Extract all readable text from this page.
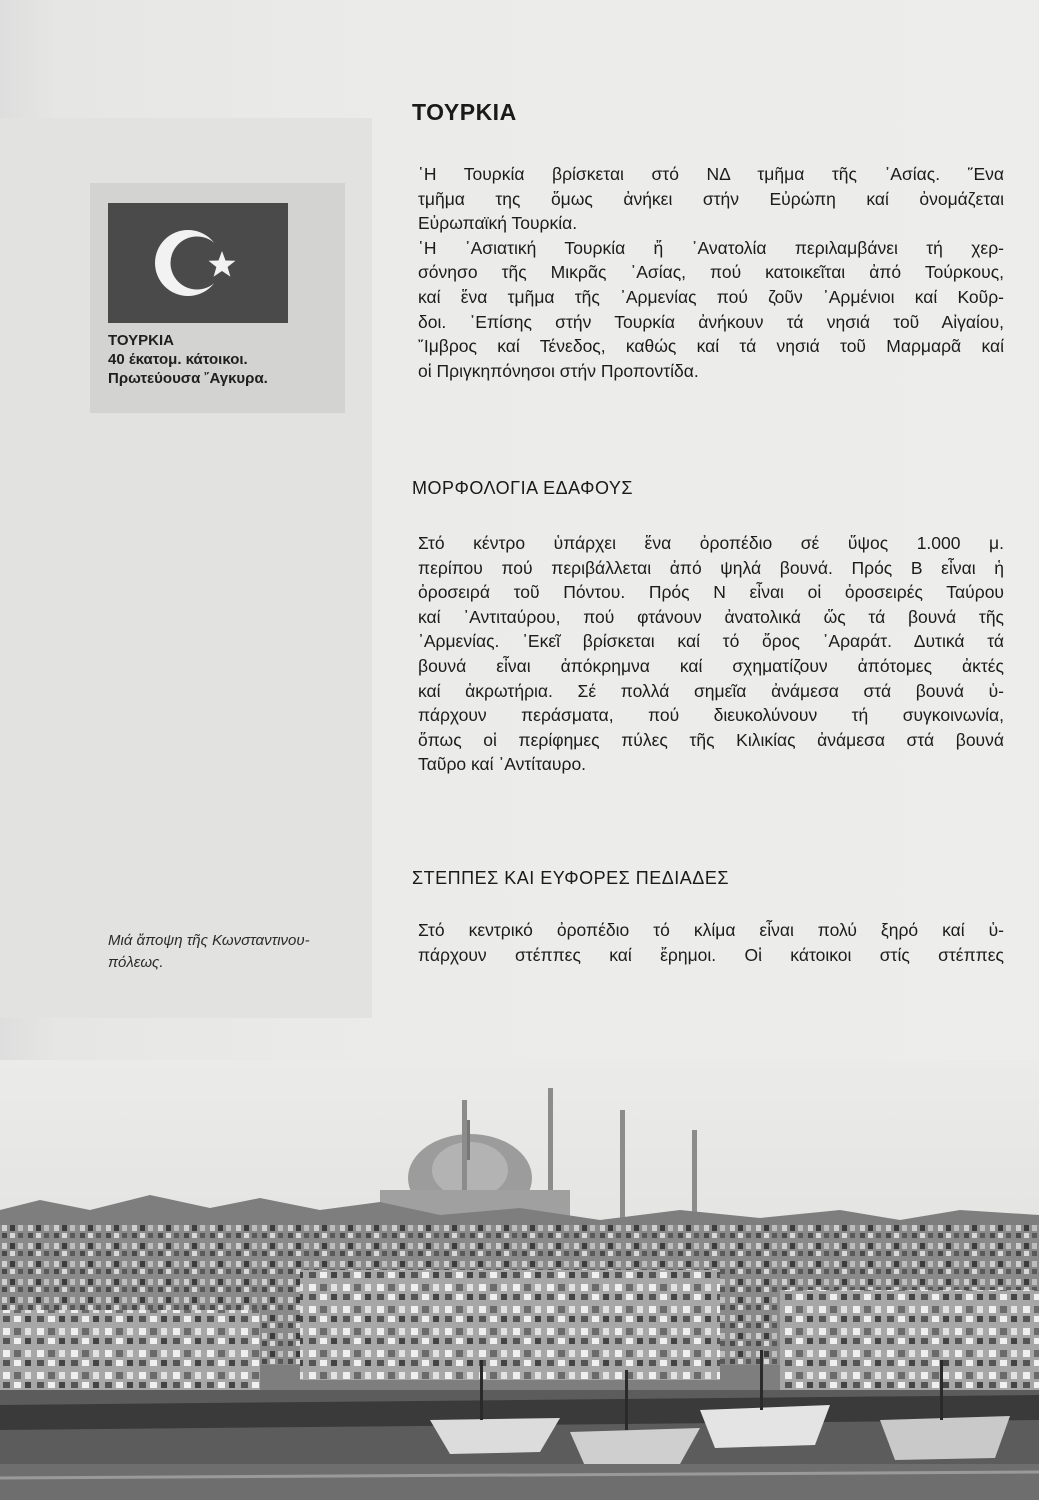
ΤΟΥΡΚΙΑ
40 έκατομ. κάτοικοι.
Πρωτεύουσα ῎Αγκυρα.
Μιά ἄποψη τῆς Κωνσταντινου-
πόλεως.
ΤΟΥΡΚΙΑ
῾Η Τουρκία βρίσκεται στό ΝΔ τμῆμα τῆς ᾿Ασίας. ῞Ενα
τμῆμα της ὅμως ἀνήκει στήν Εὐρώπη καί ὀνομάζεται
Εὐρωπαϊκή Τουρκία.
῾Η ᾿Ασιατική Τουρκία ἤ ᾿Ανατολία περιλαμβάνει τή χερ-
σόνησο τῆς Μικρᾶς ᾿Ασίας, πού κατοικεῖται ἀπό Τούρκους,
καί ἕνα τμῆμα τῆς ᾿Αρμενίας πού ζοῦν ᾿Αρμένιοι καί Κοῦρ-
δοι. ᾿Επίσης στήν Τουρκία ἀνήκουν τά νησιά τοῦ Αἰγαίου,
῎Ιμβρος καί Τένεδος, καθώς καί τά νησιά τοῦ Μαρμαρᾶ καί
οἱ Πριγκηπόνησοι στήν Προποντίδα.
ΜΟΡΦΟΛΟΓΙΑ ΕΔΑΦΟΥΣ
Στό κέντρο ὑπάρχει ἕνα ὀροπέδιο σέ ὕψος 1.000 μ.
περίπου πού περιβάλλεται ἀπό ψηλά βουνά. Πρός Β εἶναι ἡ
ὀροσειρά τοῦ Πόντου. Πρός Ν εἶναι οἱ ὀροσειρές Ταύρου
καί ᾿Αντιταύρου, πού φτάνουν ἀνατολικά ὥς τά βουνά τῆς
᾿Αρμενίας. ᾿Εκεῖ βρίσκεται καί τό ὄρος ᾿Αραράτ. Δυτικά τά
βουνά εἶναι ἀπόκρημνα καί σχηματίζουν ἀπότομες ἀκτές
καί ἀκρωτήρια. Σέ πολλά σημεῖα ἀνάμεσα στά βουνά ὑ-
πάρχουν περάσματα, πού διευκολύνουν τή συγκοινωνία,
ὅπως οἱ περίφημες πύλες τῆς Κιλικίας ἀνάμεσα στά βουνά
Ταῦρο καί ᾿Αντίταυρο.
ΣΤΕΠΠΕΣ ΚΑΙ ΕΥΦΟΡΕΣ ΠΕΔΙΑΔΕΣ
Στό κεντρικό ὀροπέδιο τό κλίμα εἶναι πολύ ξηρό καί ὑ-
πάρχουν στέππες καί ἔρημοι. Οἱ κάτοικοι στίς στέππες
